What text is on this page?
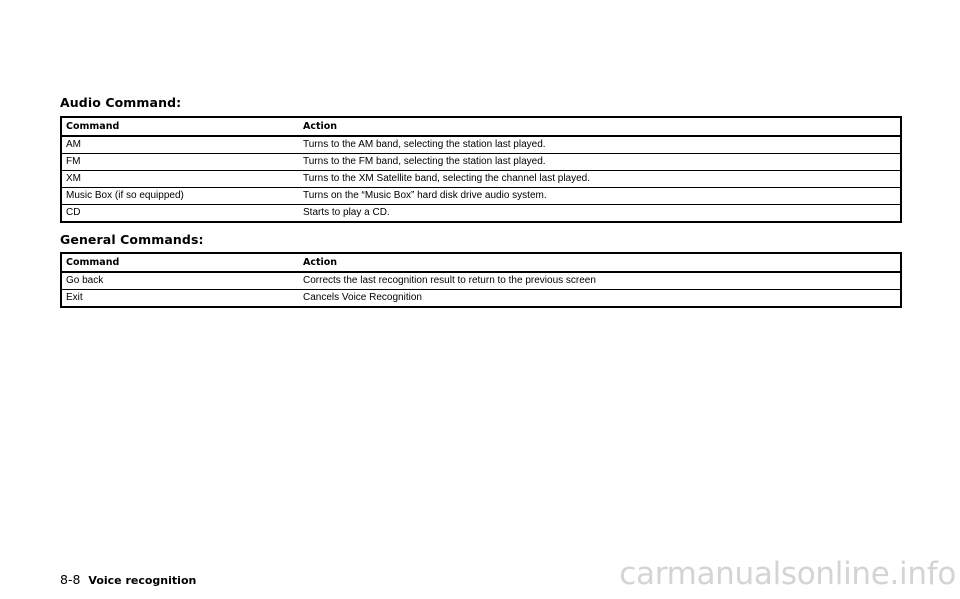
Audio Command:
Command	Action
AM	Turns to the AM band, selecting the station last played.
FM	Turns to the FM band, selecting the station last played.
XM	Turns to the XM Satellite band, selecting the channel last played.
Music Box (if so equipped)	Turns on the “Music Box” hard disk drive audio system.
CD	Starts to play a CD.
General Commands:
Command	Action
Go back	Corrects the last recognition result to return to the previous screen
Exit	Cancels Voice Recognition
8-8 Voice recognition	carmanualsonline.info
